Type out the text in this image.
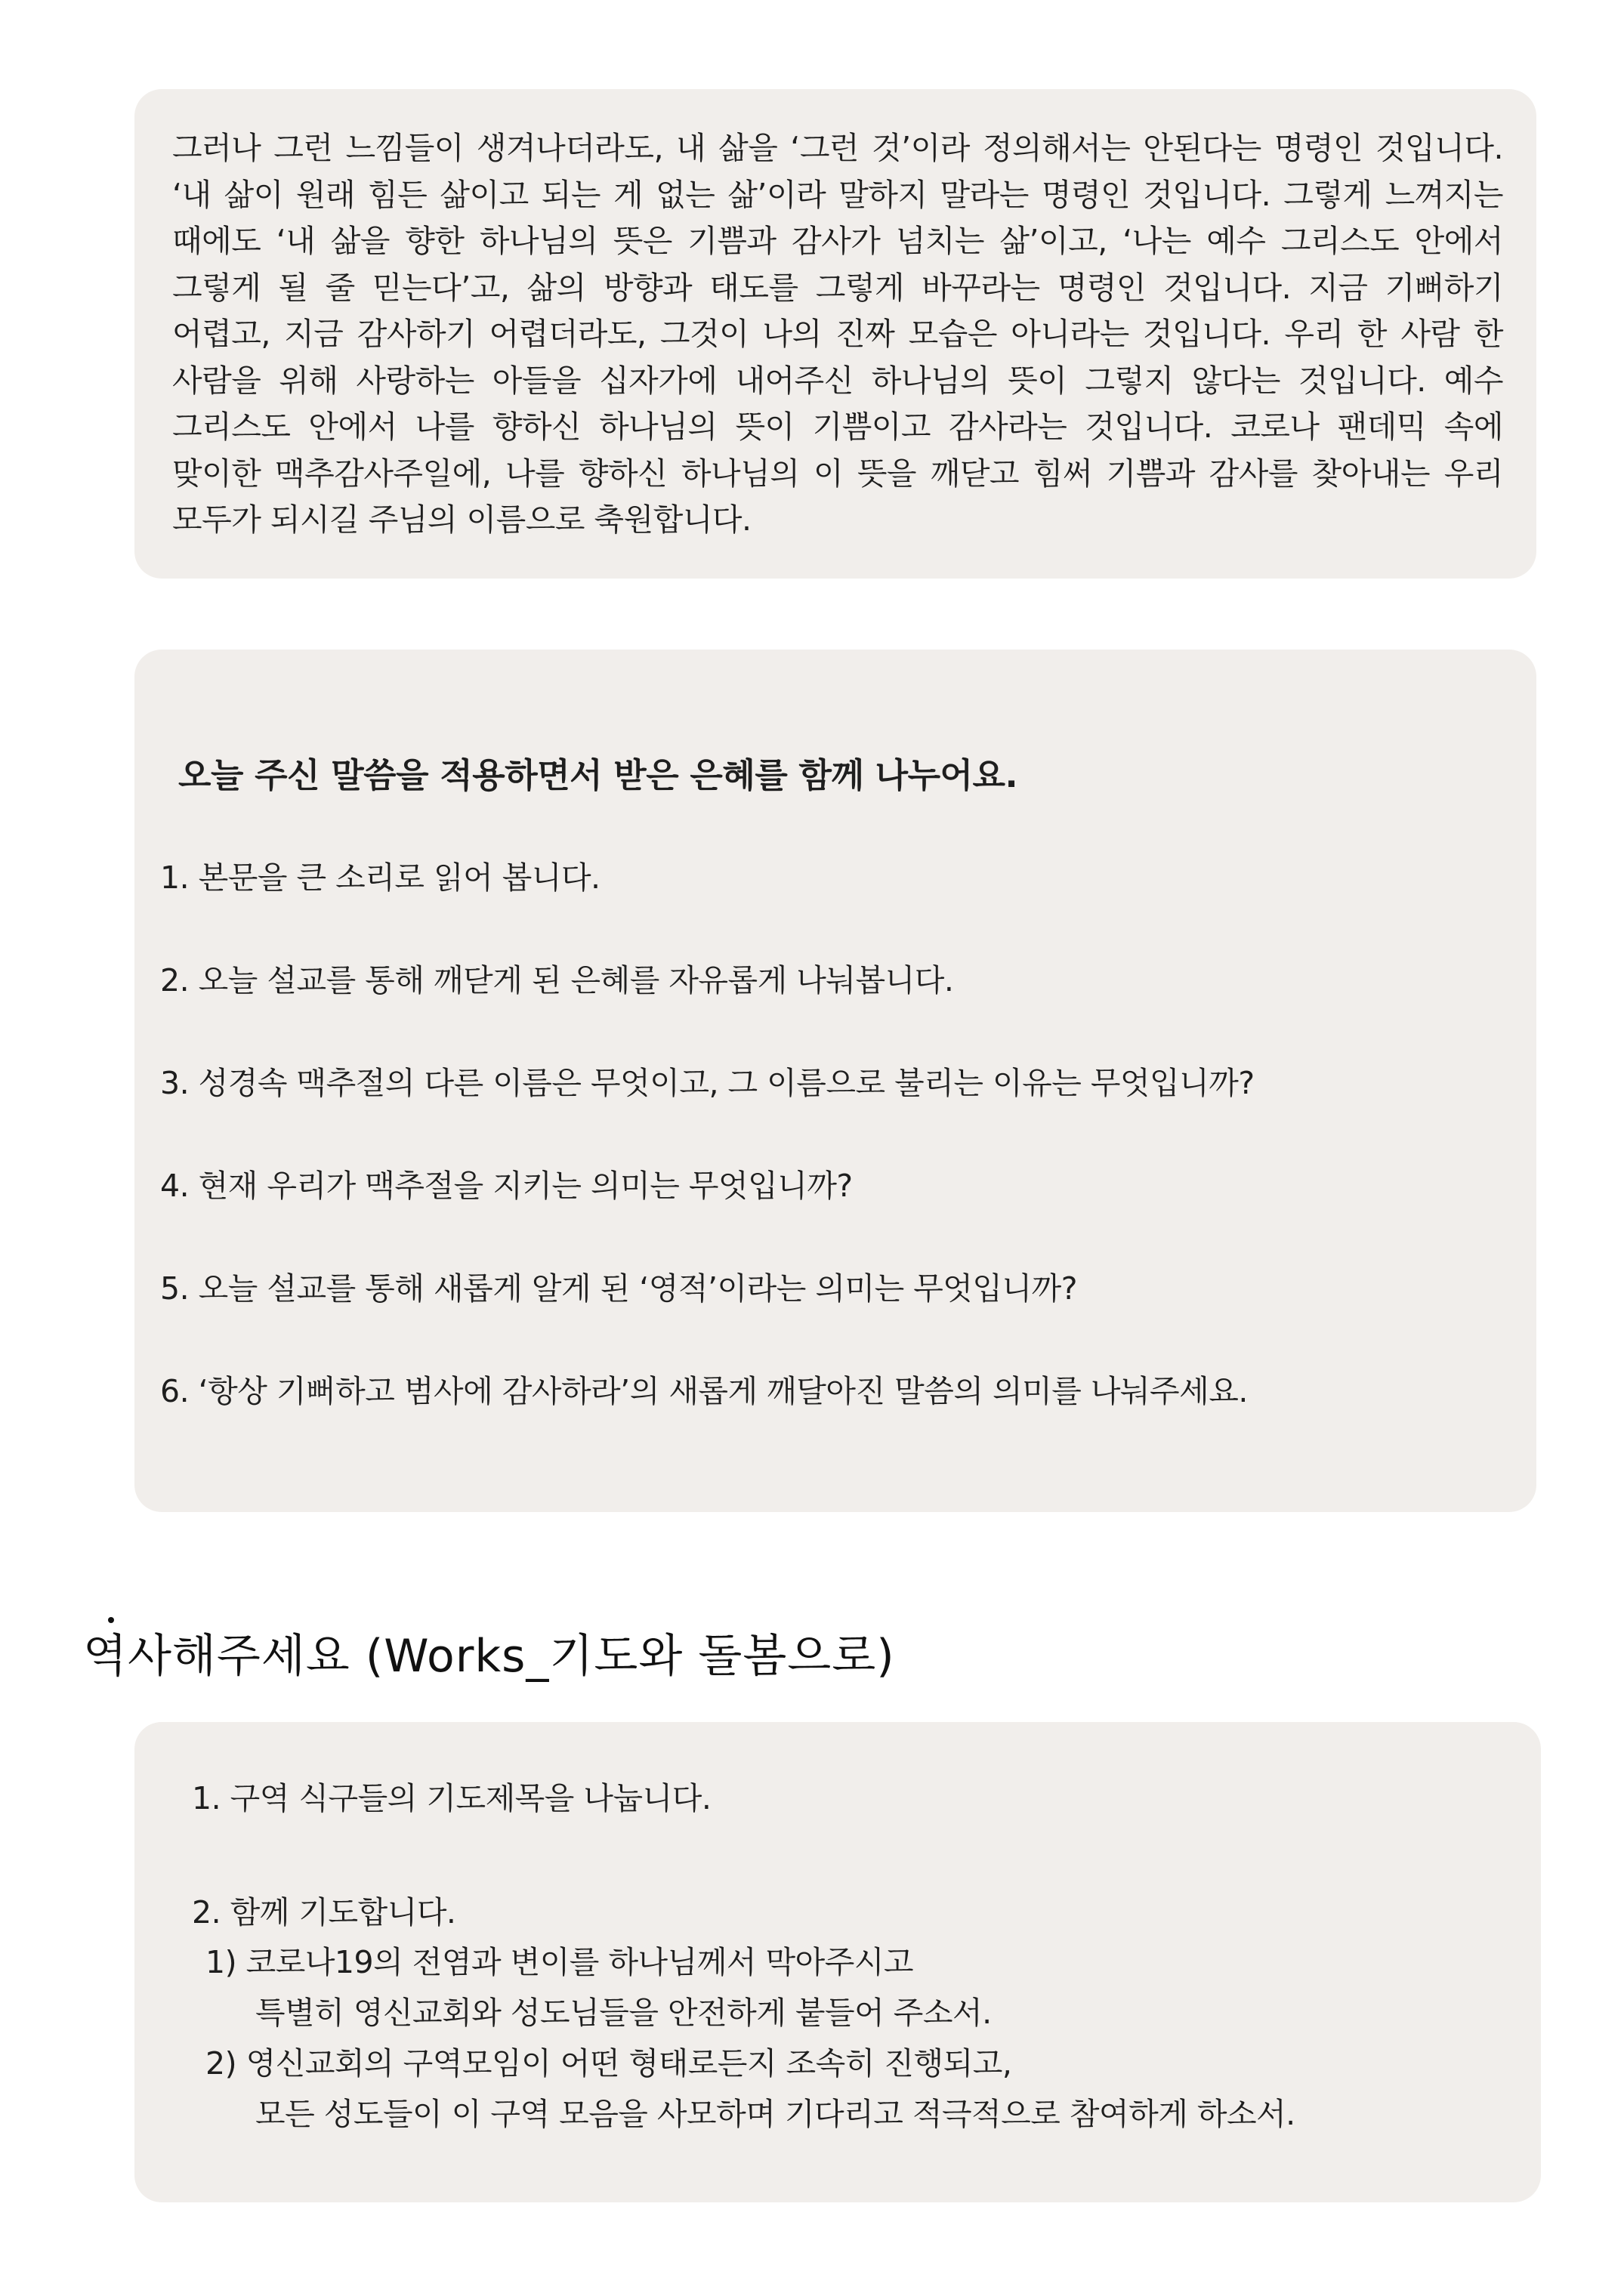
그러나 그런 느낌들이 생겨나더라도, 내 삶을 ‘그런 것’이라 정의해서는 안된다는 명령인 것입니다. ‘내 삶이 원래 힘든 삶이고 되는 게 없는 삶’이라 말하지 말라는 명령인 것입니다. 그렇게 느껴지는 때에도 ‘내 삶을 향한 하나님의 뜻은 기쁨과 감사가 넘치는 삶’이고, ‘나는 예수 그리스도 안에서 그렇게 될 줄 믿는다’고, 삶의 방향과 태도를 그렇게 바꾸라는 명령인 것입니다. 지금 기뻐하기 어렵고, 지금 감사하기 어렵더라도, 그것이 나의 진짜 모습은 아니라는 것입니다. 우리 한 사람 한 사람을 위해 사랑하는 아들을 십자가에 내어주신 하나님의 뜻이 그렇지 않다는 것입니다. 예수 그리스도 안에서 나를 향하신 하나님의 뜻이 기쁨이고 감사라는 것입니다. 코로나 팬데믹 속에 맞이한 맥추감사주일에, 나를 향하신 하나님의 이 뜻을 깨닫고 힘써 기쁨과 감사를 찾아내는 우리 모두가 되시길 주님의 이름으로 축원합니다.

오늘 주신 말씀을 적용하면서 받은 은혜를 함께 나누어요.
1. 본문을 큰 소리로 읽어 봅니다.
2. 오늘 설교를 통해 깨닫게 된 은혜를 자유롭게 나눠봅니다.
3. 성경속 맥추절의 다른 이름은 무엇이고, 그 이름으로 불리는 이유는 무엇입니까?
4. 현재 우리가 맥추절을 지키는 의미는 무엇입니까?
5. 오늘 설교를 통해 새롭게 알게 된 ‘영적’이라는 의미는 무엇입니까?
6. ‘항상 기뻐하고 범사에 감사하라’의 새롭게 깨달아진 말씀의 의미를 나눠주세요.
역사해주세요 (Works_기도와 돌봄으로)
1. 구역 식구들의 기도제목을 나눕니다.
2. 함께 기도합니다.
1) 코로나19의 전염과 변이를 하나님께서 막아주시고
특별히 영신교회와 성도님들을 안전하게 붙들어 주소서.
2) 영신교회의 구역모임이 어떤 형태로든지 조속히 진행되고,
모든 성도들이 이 구역 모음을 사모하며 기다리고 적극적으로 참여하게 하소서.
